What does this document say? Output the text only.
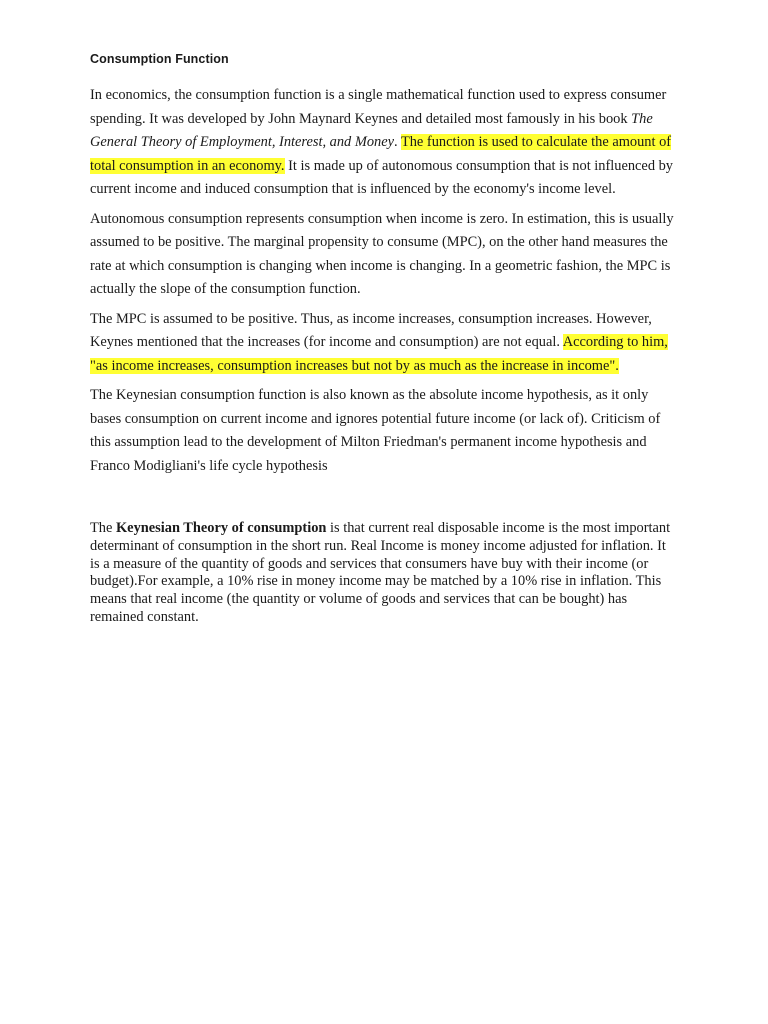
Consumption Function

In economics, the consumption function is a single mathematical function used to express consumer spending. It was developed by John Maynard Keynes and detailed most famously in his book The General Theory of Employment, Interest, and Money. The function is used to calculate the amount of total consumption in an economy. It is made up of autonomous consumption that is not influenced by current income and induced consumption that is influenced by the economy's income level.

Autonomous consumption represents consumption when income is zero. In estimation, this is usually assumed to be positive. The marginal propensity to consume (MPC), on the other hand measures the rate at which consumption is changing when income is changing. In a geometric fashion, the MPC is actually the slope of the consumption function.

The MPC is assumed to be positive. Thus, as income increases, consumption increases. However, Keynes mentioned that the increases (for income and consumption) are not equal. According to him, "as income increases, consumption increases but not by as much as the increase in income".

The Keynesian consumption function is also known as the absolute income hypothesis, as it only bases consumption on current income and ignores potential future income (or lack of). Criticism of this assumption lead to the development of Milton Friedman's permanent income hypothesis and Franco Modigliani's life cycle hypothesis

The Keynesian Theory of consumption is that current real disposable income is the most important determinant of consumption in the short run. Real Income is money income adjusted for inflation. It is a measure of the quantity of goods and services that consumers have buy with their income (or budget).For example, a 10% rise in money income may be matched by a 10% rise in inflation. This means that real income (the quantity or volume of goods and services that can be bought) has remained constant.
